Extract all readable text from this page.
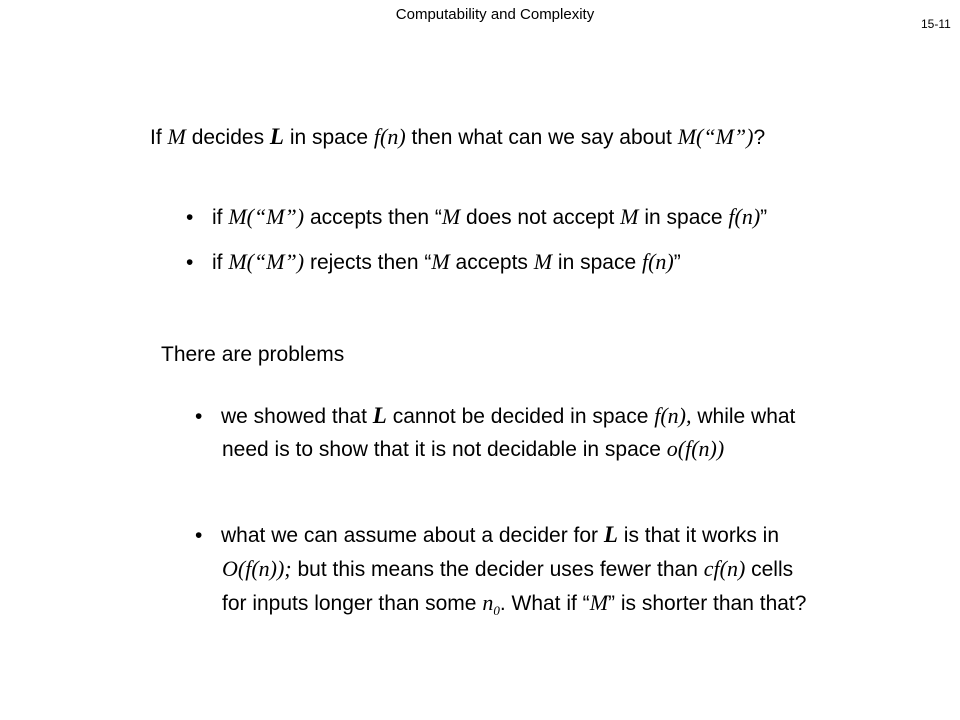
Computability and Complexity
15-11
If M decides L in space f(n) then what can we say about M(“M”)?
• if M(“M”) accepts then “M does not accept M in space f(n)”
• if M(“M”) rejects then “M accepts M in space f(n)”
There are problems
• we showed that L cannot be decided in space f(n), while what
need is to show that it is not decidable in space o(f(n))
• what we can assume about a decider for L is that it works in
O(f(n)); but this means the decider uses fewer than cf(n) cells
for inputs longer than some $n_0$. What if “M” is shorter than that?
